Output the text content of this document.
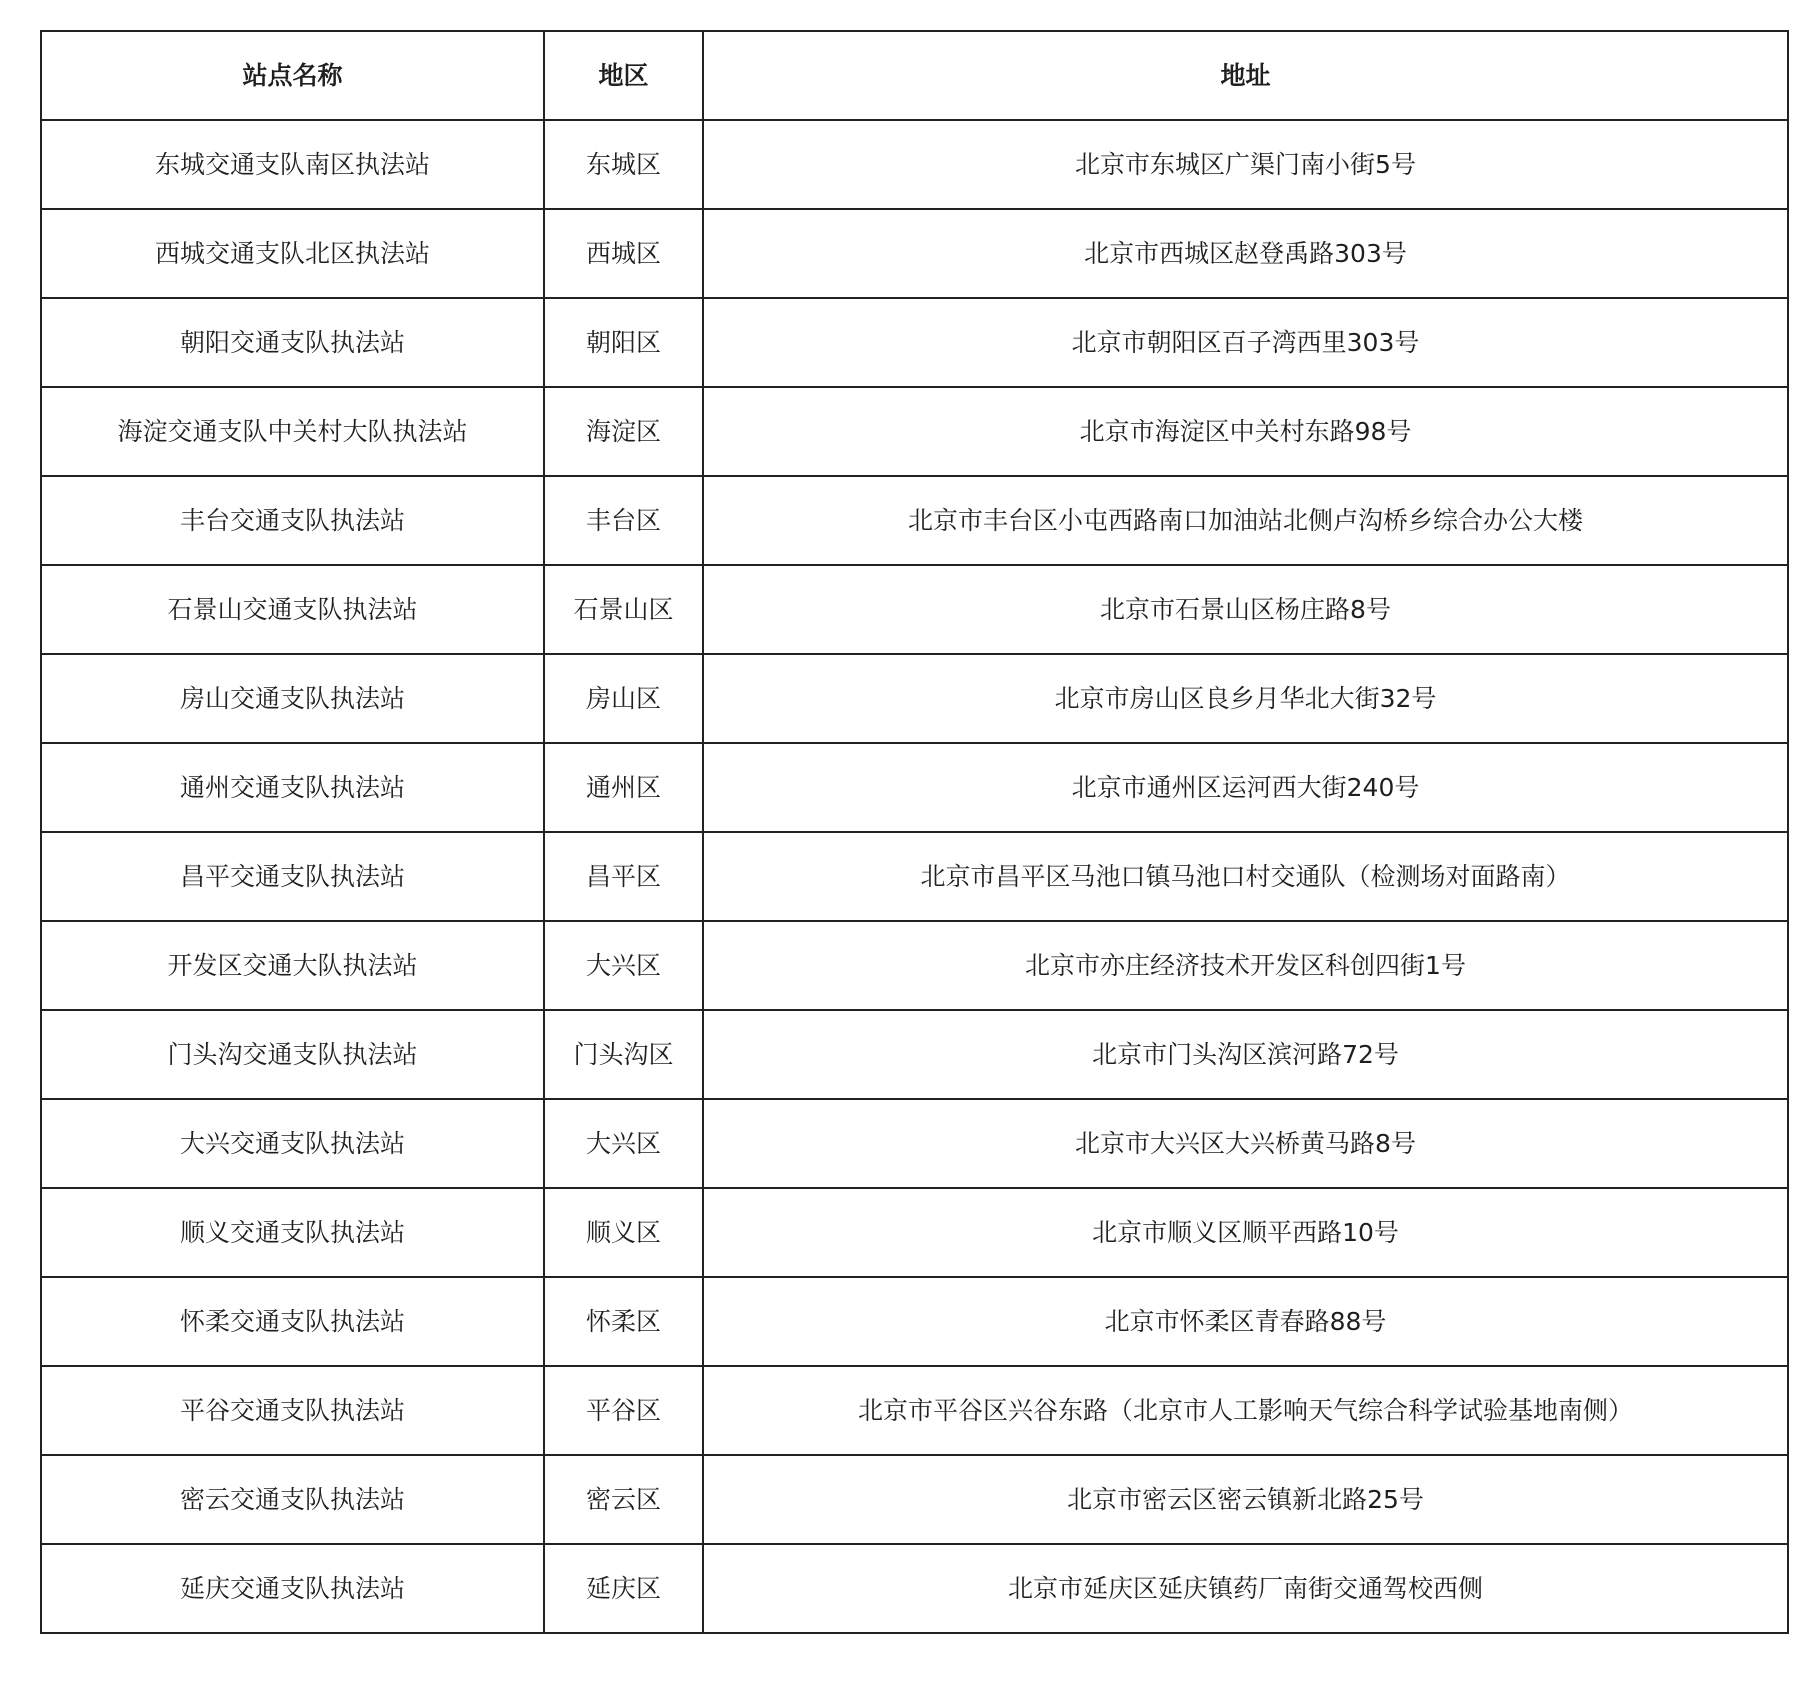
站点名称	地区	地址
东城交通支队南区执法站	东城区	北京市东城区广渠门南小街5号
西城交通支队北区执法站	西城区	北京市西城区赵登禹路303号
朝阳交通支队执法站	朝阳区	北京市朝阳区百子湾西里303号
海淀交通支队中关村大队执法站	海淀区	北京市海淀区中关村东路98号
丰台交通支队执法站	丰台区	北京市丰台区小屯西路南口加油站北侧卢沟桥乡综合办公大楼
石景山交通支队执法站	石景山区	北京市石景山区杨庄路8号
房山交通支队执法站	房山区	北京市房山区良乡月华北大街32号
通州交通支队执法站	通州区	北京市通州区运河西大街240号
昌平交通支队执法站	昌平区	北京市昌平区马池口镇马池口村交通队（检测场对面路南）
开发区交通大队执法站	大兴区	北京市亦庄经济技术开发区科创四街1号
门头沟交通支队执法站	门头沟区	北京市门头沟区滨河路72号
大兴交通支队执法站	大兴区	北京市大兴区大兴桥黄马路8号
顺义交通支队执法站	顺义区	北京市顺义区顺平西路10号
怀柔交通支队执法站	怀柔区	北京市怀柔区青春路88号
平谷交通支队执法站	平谷区	北京市平谷区兴谷东路（北京市人工影响天气综合科学试验基地南侧）
密云交通支队执法站	密云区	北京市密云区密云镇新北路25号
延庆交通支队执法站	延庆区	北京市延庆区延庆镇药厂南街交通驾校西侧
